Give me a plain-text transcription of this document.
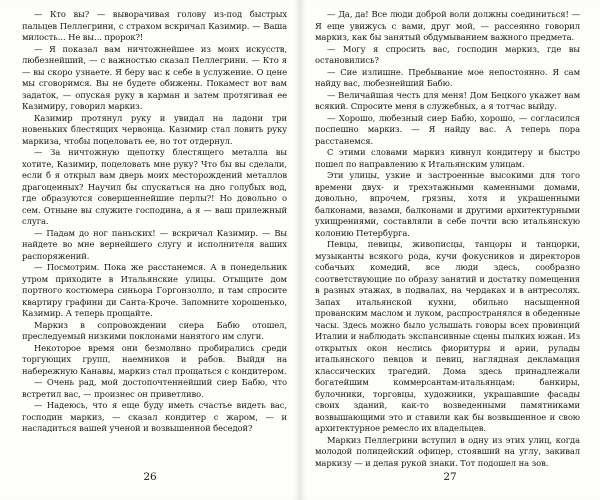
— Кто вы? — выворачивая голову из-под быстрых пальцев Пеллегрини, с страхом вскричал Казимир. — Ваша милость... Не вы... пророк?!

— Я показал вам ничтожнейшее из моих искусств, любезнейший, — с важностью сказал Пеллегрини. — Кто я — вы скоро узнаете. Я беру вас к себе в услужение. О цене мы сговоримся. Вы не будете обижены. Покамест вот вам задаток, — опуская руку в карман и затем протягивая ее Казимиру, говорил маркиз.

Казимир протянул руку и увидал на ладони три новеньких блестящих червонца. Казимир стал ловить руку маркиза, чтобы поцеловать ее, но тот отдернул.

— За ничтожную щепотку блестящего металла вы хотите, Казимир, поцеловать мне руку? Что бы вы сделали, если б я открыл вам дверь моих месторождений металлов драгоценных? Научил бы спускаться на дно голубых вод, где образуются совершеннейшие перлы?! Но довольно о сем. Отныне вы служите господина, а я — ваш прилежный слуга.

— Падам до ног паньских! — вскричал Казимир. — Вы найдете во мне вернейшего слугу и исполнителя ваших распоряжений.

— Посмотрим. Пока же расстанемся. А в понедельник утром приходите в Итальянские улицы. Отыщите дом портного костюмера синьора Горгонзолло, и там спросите квартиру графини ди Санта-Кроче. Запомните хорошенько, Казимир. А теперь прощайте.

Маркиз в сопровождении сиера Бабю отошел, преследуемый низкими поклонами нанятого им слуги.

Некоторое время они безмолвно пробирались среди торгующих групп, наемников и рабов. Выйдя на набережную Канавы, маркиз стал прощаться с кондитером.

— Очень рад, мой достопочтеннейший сиер Бабю, что встретил вас, — произнес он приветливо.

— Надеюсь, что я еще буду иметь счастье видеть вас, господин маркиз, — сказал кондитер с жаром, — и насладиться вашей ученой и возвышенной беседой?

26

— Да, да! Все люди доброй воли должны соединиться! — Я еще увижусь с вами, друг мой, — рассеянно говорил маркиз, как бы занятый обдумыванием важного предмета.

— Могу я спросить вас, господин маркиз, где вы остановились?

— Сие излишне. Пребывание мое непостоянно. Я сам найду вас, любезнейший Бабю.

— Величайшая честь для меня! Дом Бецкого укажет вам всякий. Спросите меня в служебных, а я тотчас выйду.

— Хорошо, любезный сиер Бабю, хорошо, — согласился поспешно маркиз. — Я найду вас. А теперь пора расстанемся.

С этими словами маркиз кивнул кондитеру и быстро пошел по направлению к Итальянским улицам.

Эти улицы, узкие и застроенные высокими для того времени двух- и трехэтажными каменными домами, довольно, впрочем, грязны, хотя и украшенными балконами, вазами, балконами и другими архитектурными ухищрениями, составляли в себе почти всю итальянскую колонию Петербурга.

Певцы, певицы, живописцы, танцоры и танцорки, музыканты всякого рода, кучи фокусников и директоров собачьих комедий, все люди здесь, сообразно соответствующие по образу занятий и достатку помещения в разных этажах, в подвалах, на чердаках и в антресолях. Запах итальянской кухни, обильно насыщенной прованским маслом и луком, распространялся в обеденные часы. Здесь можно было услышать говоры всех провинций Италии и наблюдать экспансивные сцены пылких южан. Из открытых окон неслись фиоритуры и арии, рулады итальянского певцов и певиц, наглядная декламация классических трагедий. Дома здесь принадлежали богатейшим коммерсантам-итальянцам: банкиры, булочники, торговцы, художники, украшавшие фасады своих зданий, как-то возведенными памятниками возвышающими это и ставили как бы возвышенное и свою архитектурное ремесло их владельцев.

Маркиз Пеллегрини вступил в одну из этих улиц, когда молодой полицейский офицер, стоявший на углу, закивал маркизу — и делая рукой знаки. Тот подошел на зов.

27
